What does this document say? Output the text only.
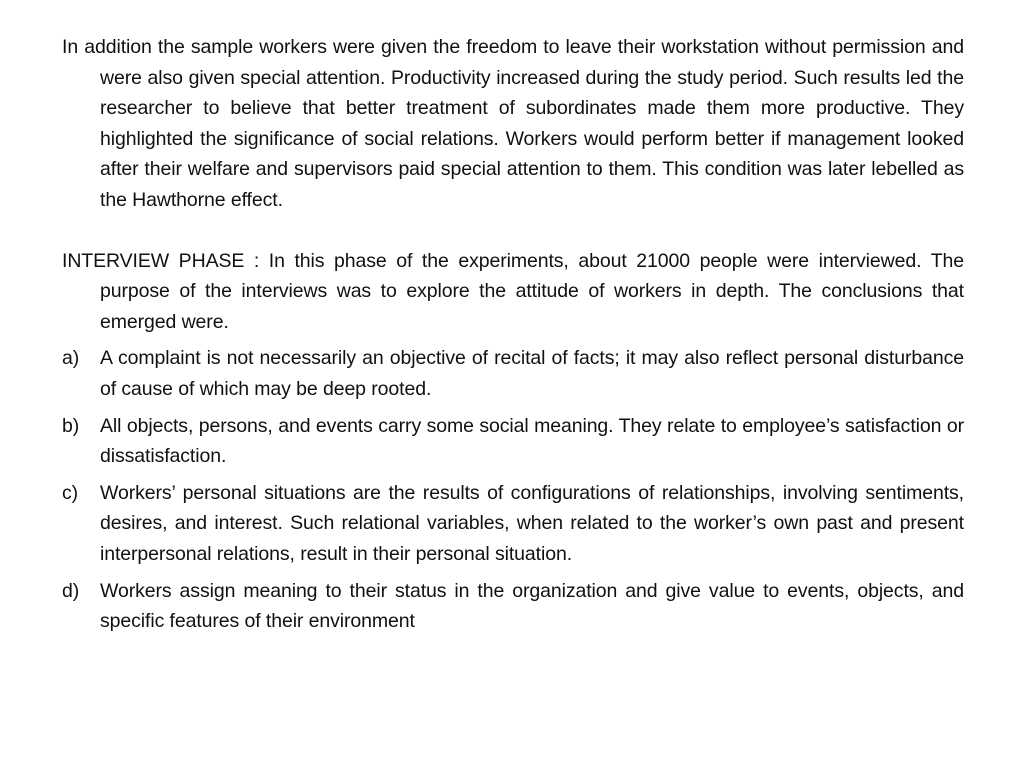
In addition the sample workers were given the freedom to leave their workstation without permission and were also given special attention. Productivity increased during the study period. Such results led the researcher to believe that better treatment of subordinates made them more productive. They highlighted the significance of social relations. Workers would perform better if management looked after their welfare and supervisors paid special attention to them. This condition was later lebelled as the Hawthorne effect.

INTERVIEW PHASE : In this phase of the experiments, about 21000 people were interviewed. The purpose of the interviews was to explore the attitude of workers in depth. The conclusions that emerged were.

a)	A complaint is not necessarily an objective of recital of facts; it may also reflect personal disturbance of cause of which may be deep rooted.
b)	All objects, persons, and events carry some social meaning. They relate to employee’s satisfaction or dissatisfaction.
c)	Workers’ personal situations are the results of configurations of relationships, involving sentiments, desires, and interest. Such relational variables, when related to the worker’s own past and present interpersonal relations, result in their personal situation.
d)	Workers assign meaning to their status in the organization and give value to events, objects, and specific features of their environment
